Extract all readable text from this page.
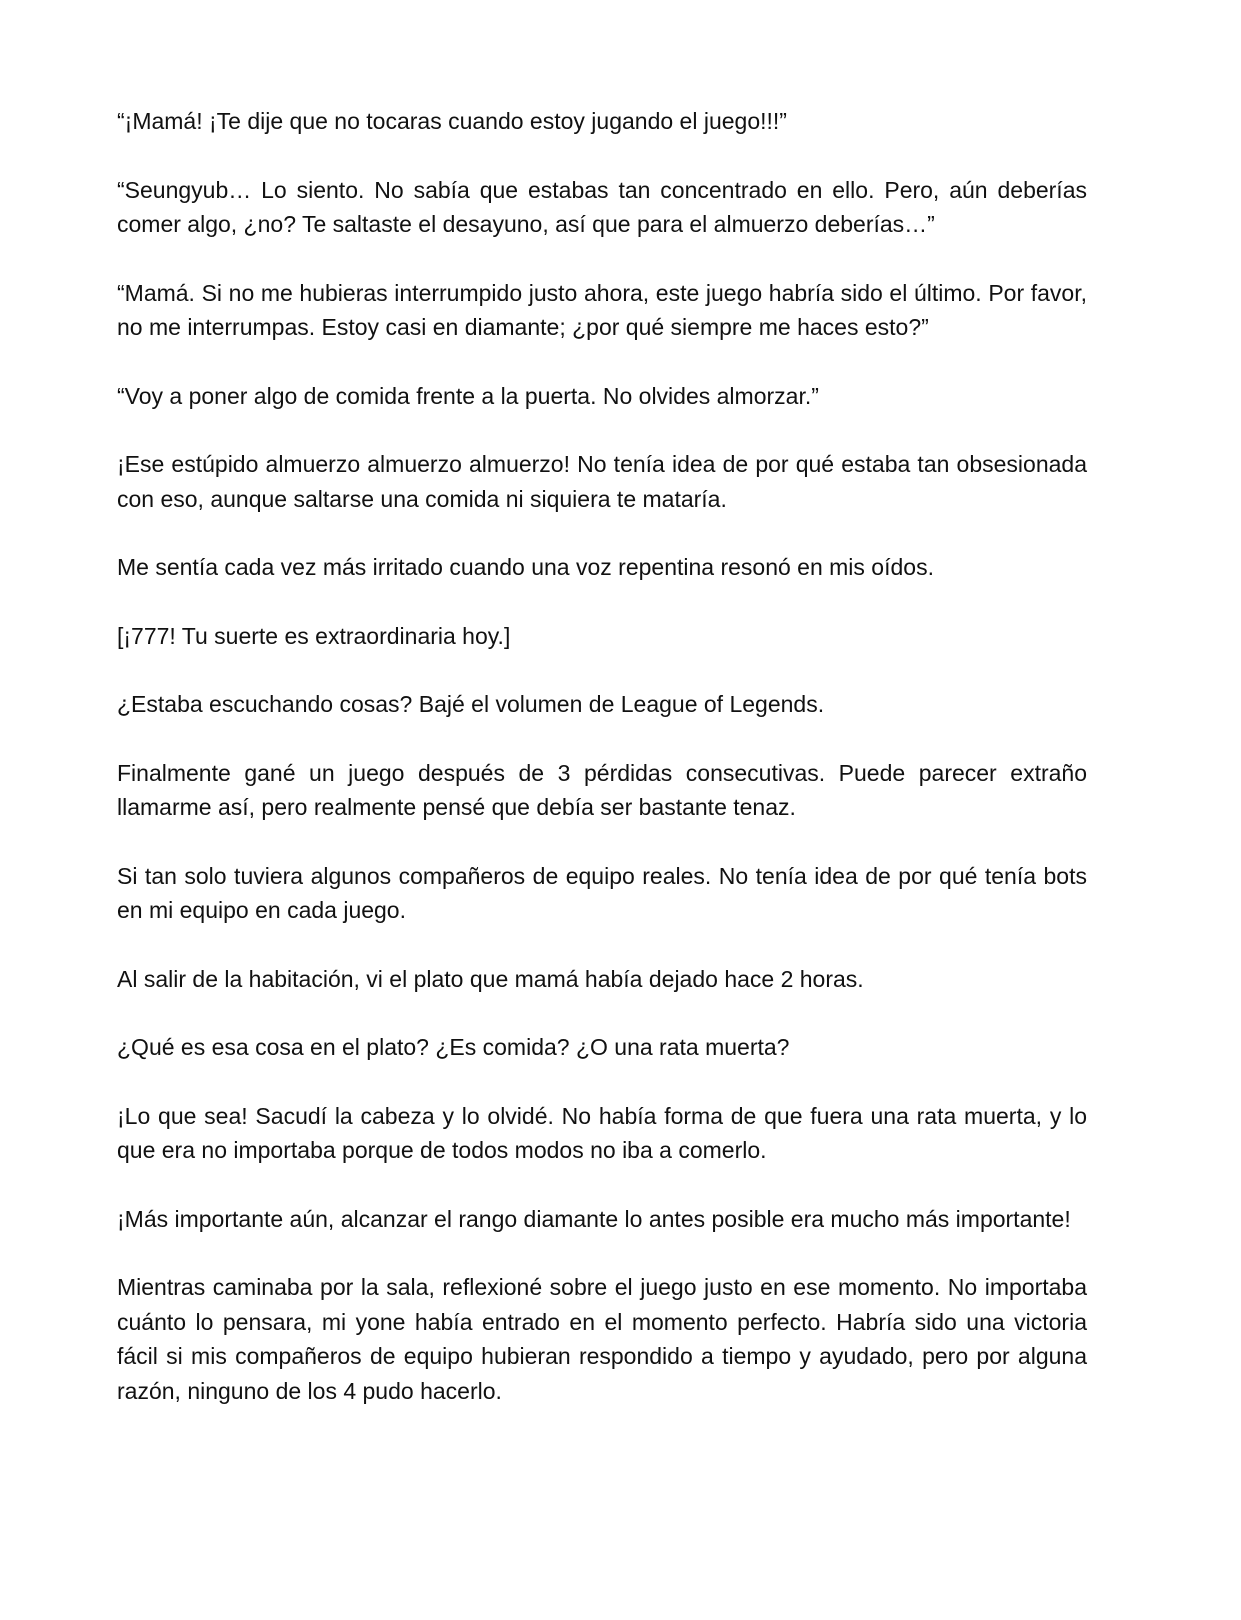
“¡Mamá! ¡Te dije que no tocaras cuando estoy jugando el juego!!!”

“Seungyub… Lo siento. No sabía que estabas tan concentrado en ello. Pero, aún deberías comer algo, ¿no? Te saltaste el desayuno, así que para el almuerzo deberías…”

“Mamá. Si no me hubieras interrumpido justo ahora, este juego habría sido el último. Por favor, no me interrumpas. Estoy casi en diamante; ¿por qué siempre me haces esto?”

“Voy a poner algo de comida frente a la puerta. No olvides almorzar.”

¡Ese estúpido almuerzo almuerzo almuerzo! No tenía idea de por qué estaba tan obsesionada con eso, aunque saltarse una comida ni siquiera te mataría.

Me sentía cada vez más irritado cuando una voz repentina resonó en mis oídos.

[¡777! Tu suerte es extraordinaria hoy.]

¿Estaba escuchando cosas? Bajé el volumen de League of Legends.

Finalmente gané un juego después de 3 pérdidas consecutivas. Puede parecer extraño llamarme así, pero realmente pensé que debía ser bastante tenaz.

Si tan solo tuviera algunos compañeros de equipo reales. No tenía idea de por qué tenía bots en mi equipo en cada juego.

Al salir de la habitación, vi el plato que mamá había dejado hace 2 horas.

¿Qué es esa cosa en el plato? ¿Es comida? ¿O una rata muerta?

¡Lo que sea! Sacudí la cabeza y lo olvidé. No había forma de que fuera una rata muerta, y lo que era no importaba porque de todos modos no iba a comerlo.

¡Más importante aún, alcanzar el rango diamante lo antes posible era mucho más importante!

Mientras caminaba por la sala, reflexioné sobre el juego justo en ese momento. No importaba cuánto lo pensara, mi yone había entrado en el momento perfecto. Habría sido una victoria fácil si mis compañeros de equipo hubieran respondido a tiempo y ayudado, pero por alguna razón, ninguno de los 4 pudo hacerlo.
